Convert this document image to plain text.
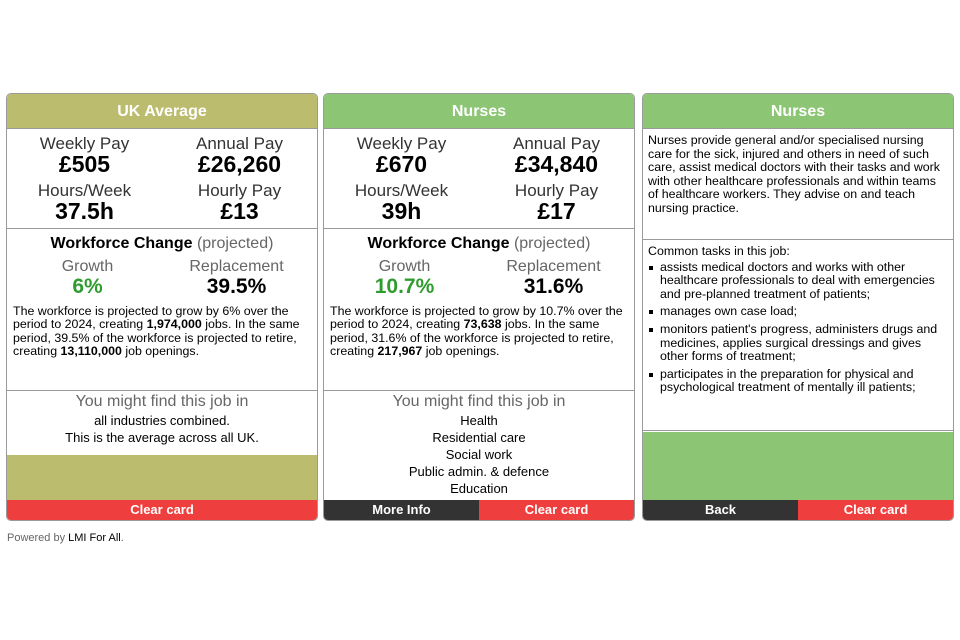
UK Average
Weekly Pay
£505
Annual Pay
£26,260
Hours/Week
37.5h
Hourly Pay
£13
Workforce Change (projected)
Growth
6%
Replacement
39.5%
The workforce is projected to grow by 6% over the period to 2024, creating 1,974,000 jobs. In the same period, 39.5% of the workforce is projected to retire, creating 13,110,000 job openings.
You might find this job in
all industries combined.
This is the average across all UK.
Clear card
Nurses
Weekly Pay
£670
Annual Pay
£34,840
Hours/Week
39h
Hourly Pay
£17
Workforce Change (projected)
Growth
10.7%
Replacement
31.6%
The workforce is projected to grow by 10.7% over the period to 2024, creating 73,638 jobs. In the same period, 31.6% of the workforce is projected to retire, creating 217,967 job openings.
You might find this job in
Health
Residential care
Social work
Public admin. & defence
Education
More Info	Clear card
Nurses
Nurses provide general and/or specialised nursing care for the sick, injured and others in need of such care, assist medical doctors with their tasks and work with other healthcare professionals and within teams of healthcare workers. They advise on and teach nursing practice.
Common tasks in this job:
assists medical doctors and works with other healthcare professionals to deal with emergencies and pre-planned treatment of patients;
manages own case load;
monitors patient's progress, administers drugs and medicines, applies surgical dressings and gives other forms of treatment;
participates in the preparation for physical and psychological treatment of mentally ill patients;
Back	Clear card
Powered by LMI For All.
